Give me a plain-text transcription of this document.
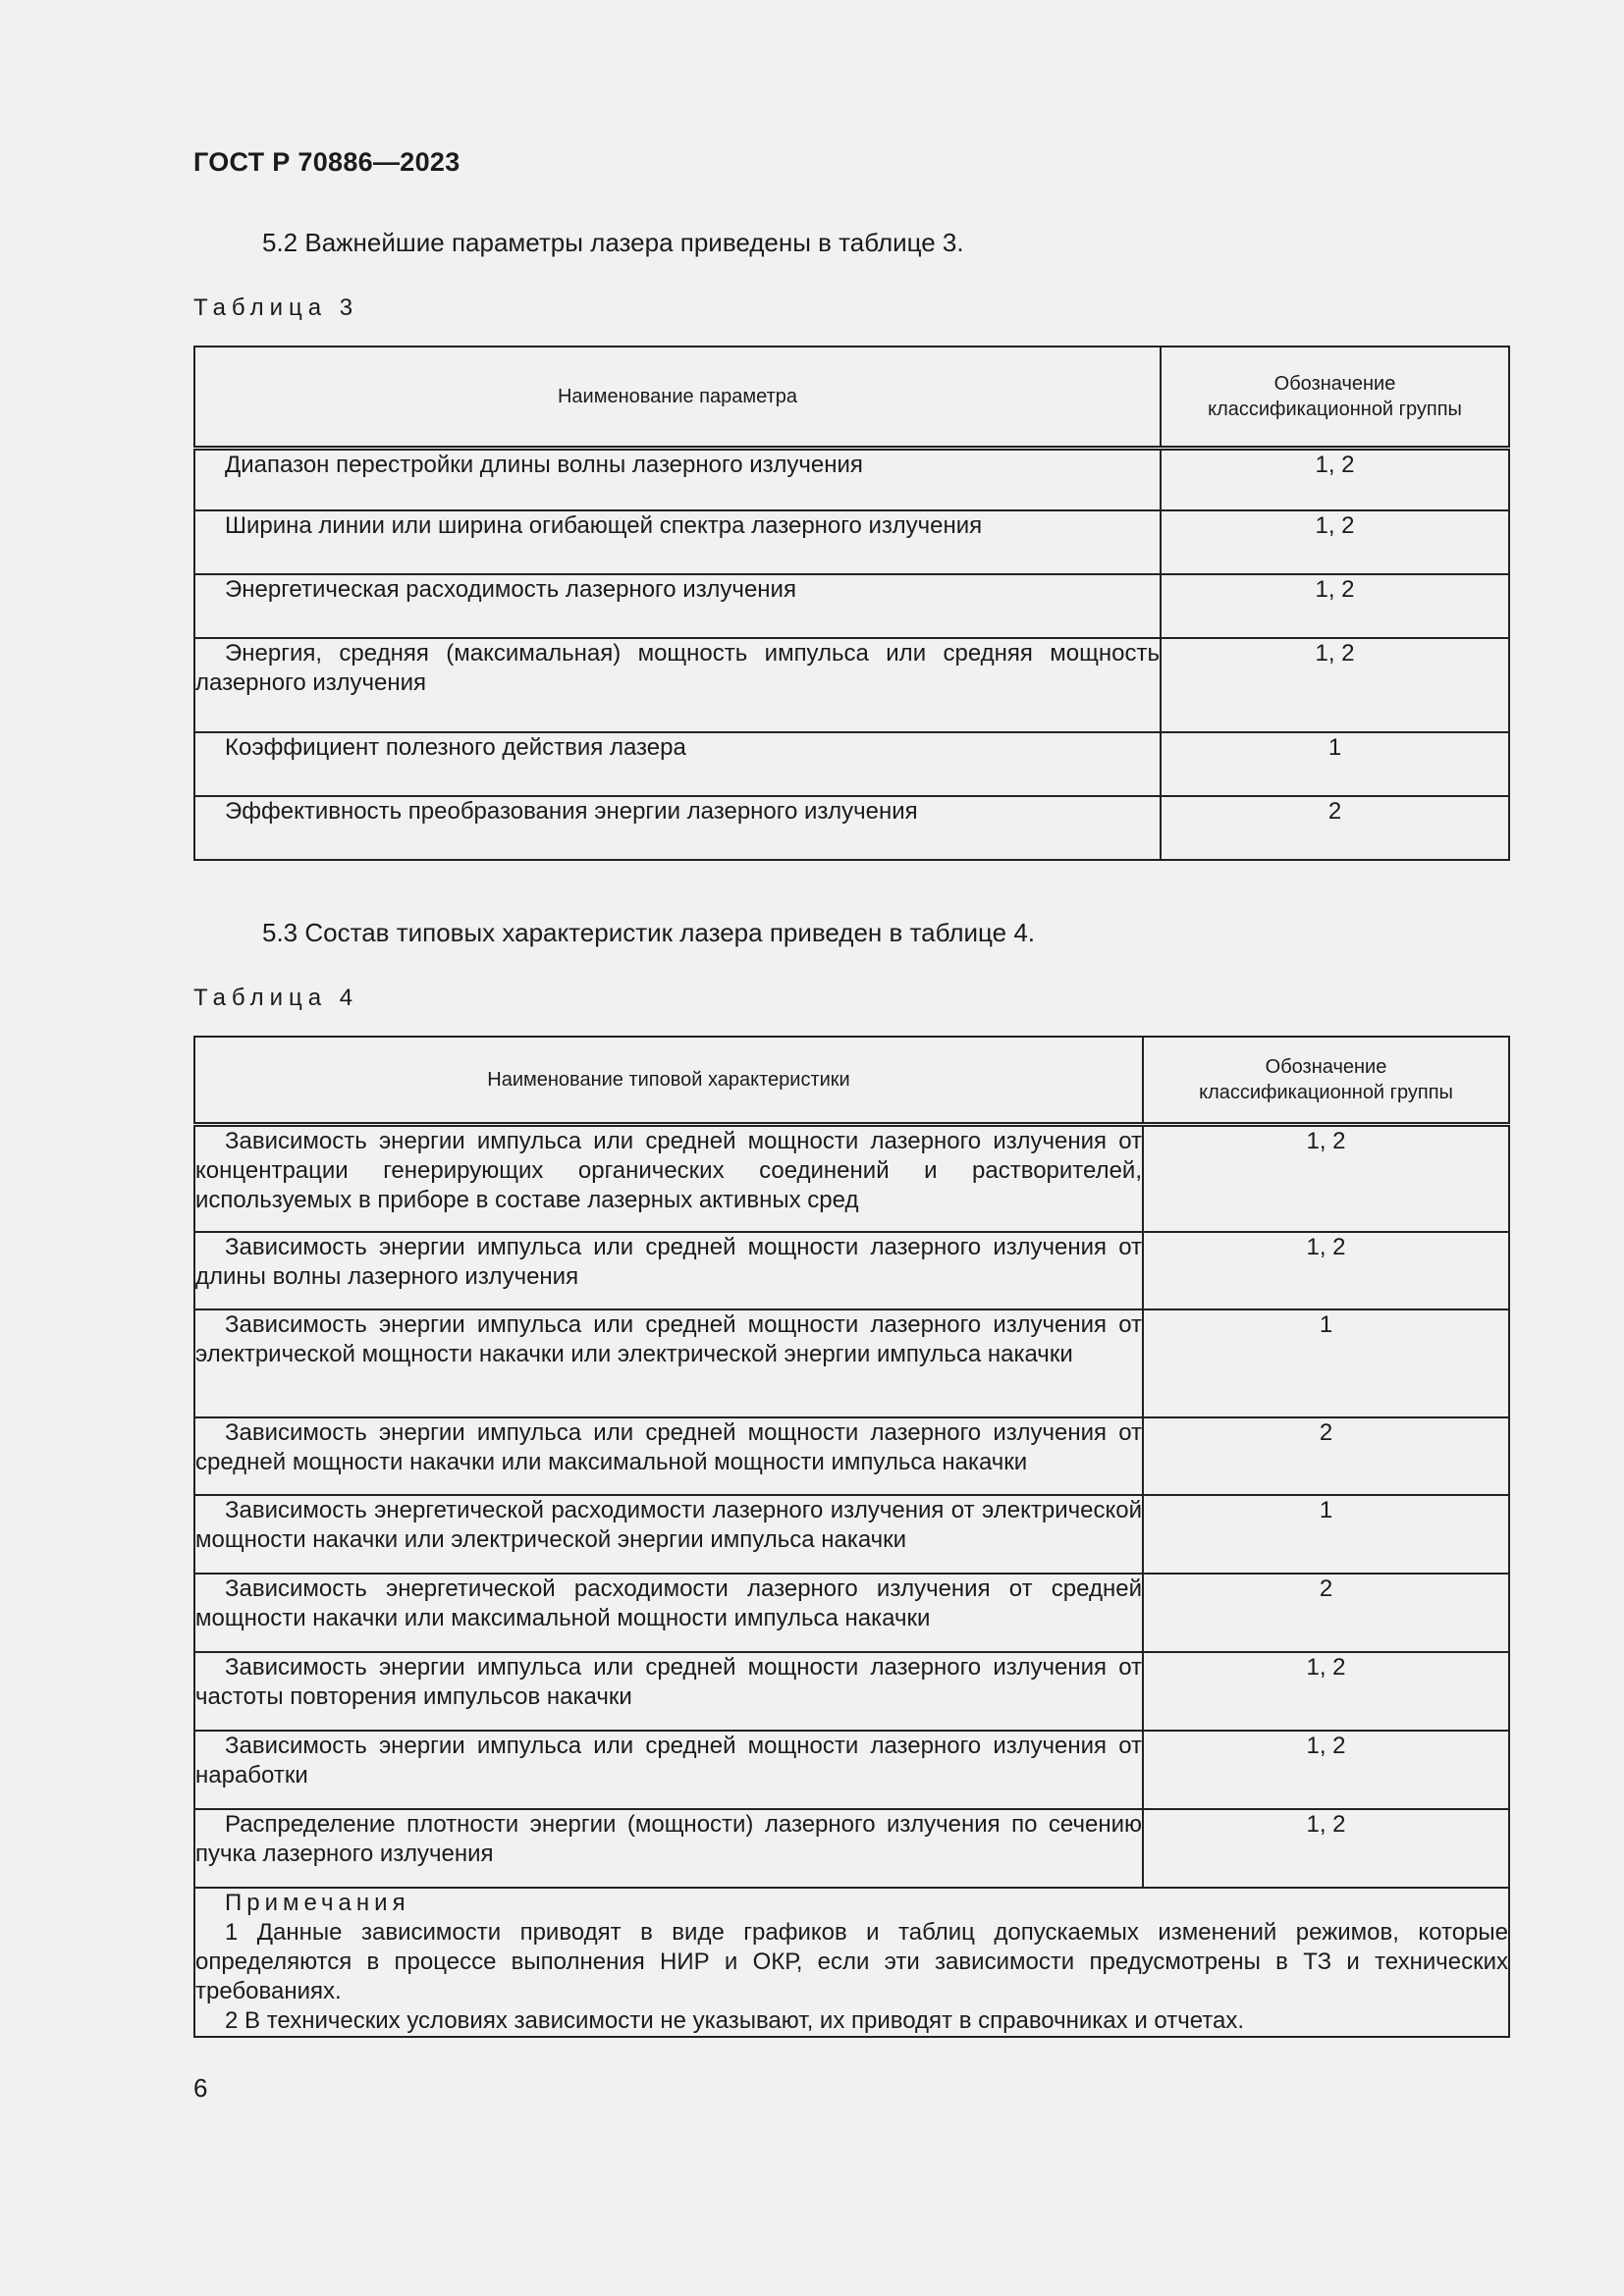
ГОСТ Р 70886—2023
5.2 Важнейшие параметры лазера приведены в таблице 3.
Таблица 3
Наименование параметра	Обозначение классификационной группы
Диапазон перестройки длины волны лазерного излучения	1, 2
Ширина линии или ширина огибающей спектра лазерного излучения	1, 2
Энергетическая расходимость лазерного излучения	1, 2
Энергия, средняя (максимальная) мощность импульса или средняя мощность лазерного излучения	1, 2
Коэффициент полезного действия лазера	1
Эффективность преобразования энергии лазерного излучения	2
5.3 Состав типовых характеристик лазера приведен в таблице 4.
Таблица 4
Наименование типовой характеристики	Обозначение классификационной группы
Зависимость энергии импульса или средней мощности лазерного излучения от концентрации генерирующих органических соединений и растворителей, используемых в приборе в составе лазерных активных сред	1, 2
Зависимость энергии импульса или средней мощности лазерного излучения от длины волны лазерного излучения	1, 2
Зависимость энергии импульса или средней мощности лазерного излучения от электрической мощности накачки или электрической энергии импульса накачки	1
Зависимость энергии импульса или средней мощности лазерного излучения от средней мощности накачки или максимальной мощности импульса накачки	2
Зависимость энергетической расходимости лазерного излучения от электрической мощности накачки или электрической энергии импульса накачки	1
Зависимость энергетической расходимости лазерного излучения от средней мощности накачки или максимальной мощности импульса накачки	2
Зависимость энергии импульса или средней мощности лазерного излучения от частоты повторения импульсов накачки	1, 2
Зависимость энергии импульса или средней мощности лазерного излучения от наработки	1, 2
Распределение плотности энергии (мощности) лазерного излучения по сечению пучка лазерного излучения	1, 2

Примечания
1 Данные зависимости приводят в виде графиков и таблиц допускаемых изменений режимов, которые определяются в процессе выполнения НИР и ОКР, если эти зависимости предусмотрены в ТЗ и технических требованиях.
2 В технических условиях зависимости не указывают, их приводят в справочниках и отчетах.	
6
